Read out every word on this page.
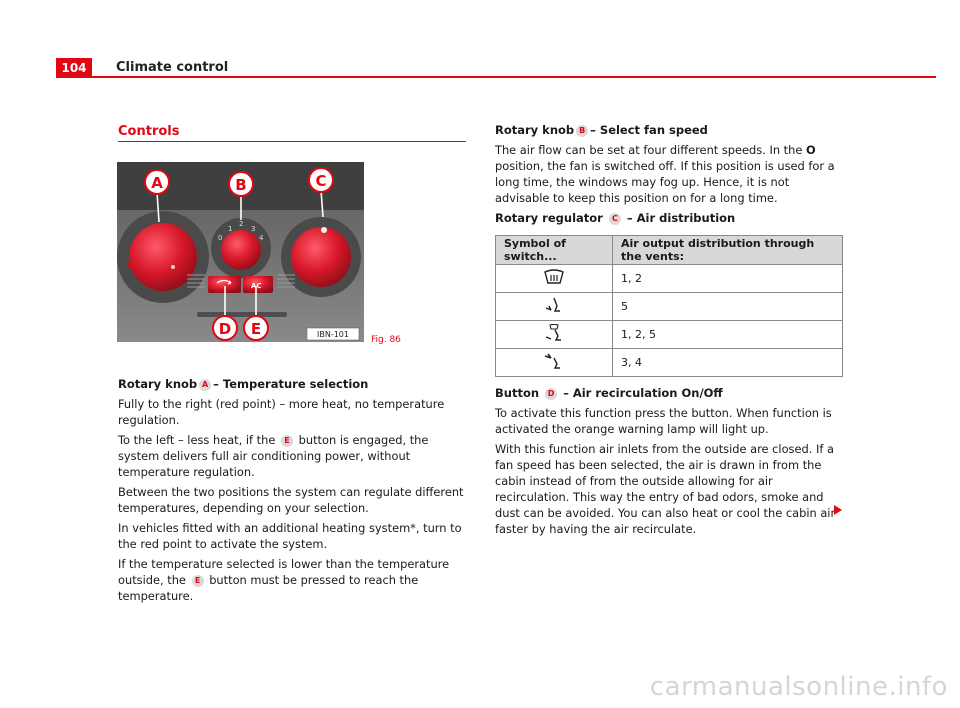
104	Climate control
Controls
0
1
2
3
4
AC
A	B	C
D E	IBN-101
Fig. 86
Rotary knob A – Temperature selection
Fully to the right (red point) – more heat, no temperature regulation.
To the left – less heat, if the E button is engaged, the system delivers full air conditioning power, without temperature regulation.
Between the two positions the system can regulate different temperatures, depending on your selection.
In vehicles fitted with an additional heating system*, turn to the red point to activate the system.
If the temperature selected is lower than the temperature outside, the E button must be pressed to reach the temperature.
Rotary knob B – Select fan speed
The air flow can be set at four different speeds. In the O position, the fan is switched off. If this position is used for a long time, the windows may fog up. Hence, it is not advisable to keep this position on for a long time.
Rotary regulator C – Air distribution
Symbol of switch...	Air output distribution through the vents:
	1, 2
	5
	1, 2, 5
	3, 4
Button D – Air recirculation On/Off
To activate this function press the button. When function is activated the orange warning lamp will light up.
With this function air inlets from the outside are closed. If a fan speed has been selected, the air is drawn in from the cabin instead of from the outside allowing for air recirculation. This way the entry of bad odors, smoke and dust can be avoided. You can also heat or cool the cabin air faster by having the air recirculate.
carmanualsonline.info
